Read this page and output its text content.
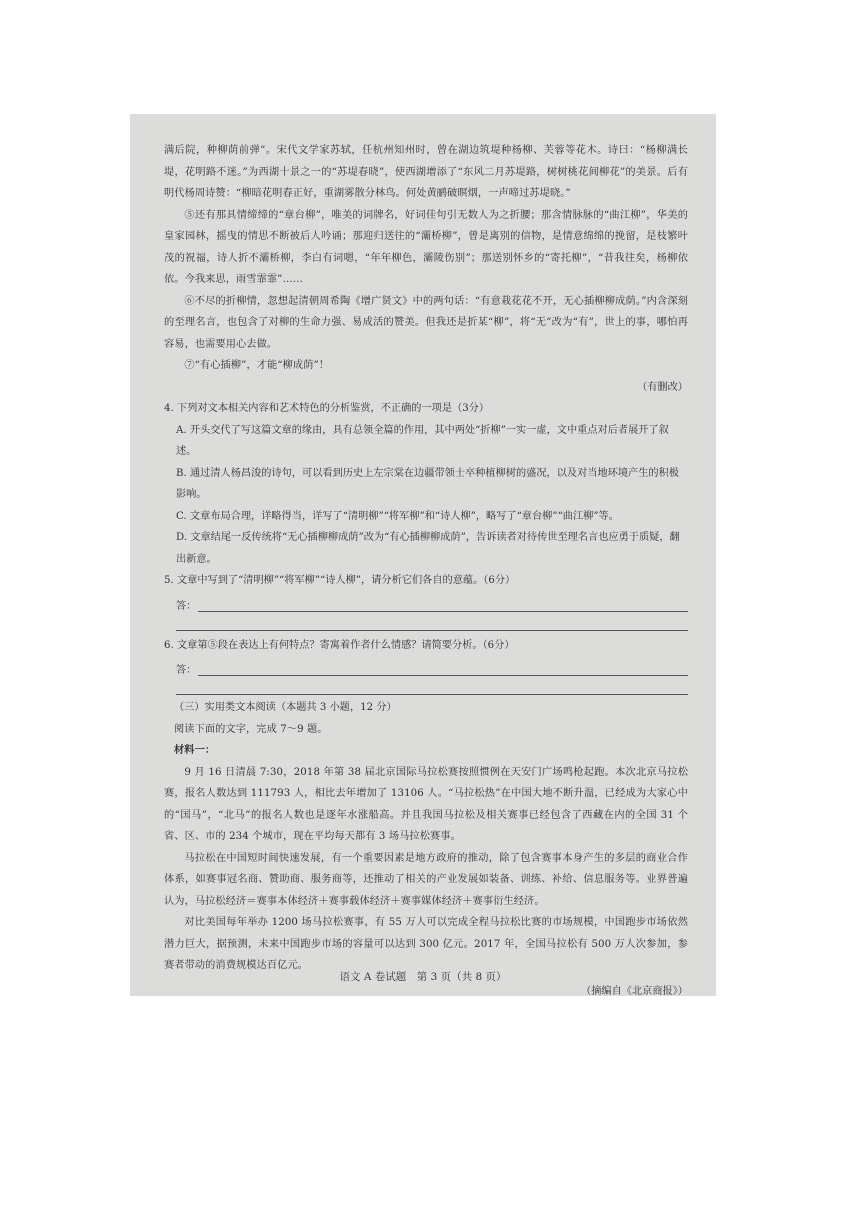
满后院，种柳荫前弹”。宋代文学家苏轼，任杭州知州时，曾在湖边筑堤种杨柳、芙蓉等花木。诗曰：“杨柳满长堤，花明路不迷。”为西湖十景之一的“苏堤春晓”，使西湖增添了“东风二月苏堤路，树树桃花间柳花”的美景。后有明代杨周诗赞：“柳暗花明春正好，重湖雾散分林鸟。何处黄鹂破暝烟，一声啼过苏堤晓。”

⑤还有那具情缔缔的“章台柳”，唯美的词牌名，好词佳句引无数人为之折腰；那含情脉脉的“曲江柳”，华美的皇家园林，摇曳的情思不断被后人吟诵；那迎归送往的“灞桥柳”，曾是离别的信物，是情意绵绵的挽留，是枝繁叶茂的祝福，诗人折不灞桥柳，李白有词嗯，“年年柳色，灞陵伤别”；那送别怀乡的“寄托柳”，“昔我往矣，杨柳依依。今我来思，雨雪霏霏”……

⑥不尽的折柳情，忽想起清朝周希陶《增广贤文》中的两句话：“有意栽花花不开，无心插柳柳成荫。”内含深刻的至理名言，也包含了对柳的生命力强、易成活的赞美。但我还是折某“柳”，将“无”改为“有”，世上的事，哪怕再容易，也需要用心去做。

⑦“有心插柳”，才能“柳成荫”！

（有删改）

4. 下列对文本相关内容和艺术特色的分析鉴赏，不正确的一项是（3分）

A. 开头交代了写这篇文章的缘由，具有总领全篇的作用，其中两处“折柳”一实一虚，文中重点对后者展开了叙述。

B. 通过清人杨昌浚的诗句，可以看到历史上左宗棠在边疆带领士卒种植柳树的盛况，以及对当地环境产生的积极影响。

C. 文章布局合理，详略得当，详写了“清明柳”“将军柳”和“诗人柳”，略写了“章台柳”“曲江柳”等。

D. 文章结尾一反传统将“无心插柳柳成荫”改为“有心插柳柳成荫”，告诉读者对待传世至理名言也应勇于质疑，翻出新意。

5. 文章中写到了“清明柳”“将军柳”“诗人柳”，请分析它们各自的意蕴。（6分）

答：

6. 文章第⑤段在表达上有何特点？寄寓着作者什么情感？请简要分析。（6分）

答：

（三）实用类文本阅读（本题共 3 小题，12 分）

阅读下面的文字，完成 7～9 题。

材料一：

9 月 16 日清晨 7:30，2018 年第 38 届北京国际马拉松赛按照惯例在天安门广场鸣枪起跑。本次北京马拉松赛，报名人数达到 111793 人，相比去年增加了 13106 人。“马拉松热”在中国大地不断升温，已经成为大家心中的“国马”，“北马”的报名人数也是逐年水涨船高。并且我国马拉松及相关赛事已经包含了西藏在内的全国 31 个省、区、市的 234 个城市，现在平均每天都有 3 场马拉松赛事。

马拉松在中国短时间快速发展，有一个重要因素是地方政府的推动，除了包含赛事本身产生的多层的商业合作体系，如赛事冠名商、赞助商、服务商等，还推动了相关的产业发展如装备、训练、补给、信息服务等。业界普遍认为，马拉松经济＝赛事本体经济＋赛事载体经济＋赛事媒体经济＋赛事衍生经济。

对比美国每年举办 1200 场马拉松赛事，有 55 万人可以完成全程马拉松比赛的市场规模，中国跑步市场依然潜力巨大，据预测，未来中国跑步市场的容量可以达到 300 亿元。2017 年，全国马拉松有 500 万人次参加，参赛者带动的消费规模达百亿元。

（摘编自《北京商报》）
语文 A 卷试题　第 3 页（共 8 页）
